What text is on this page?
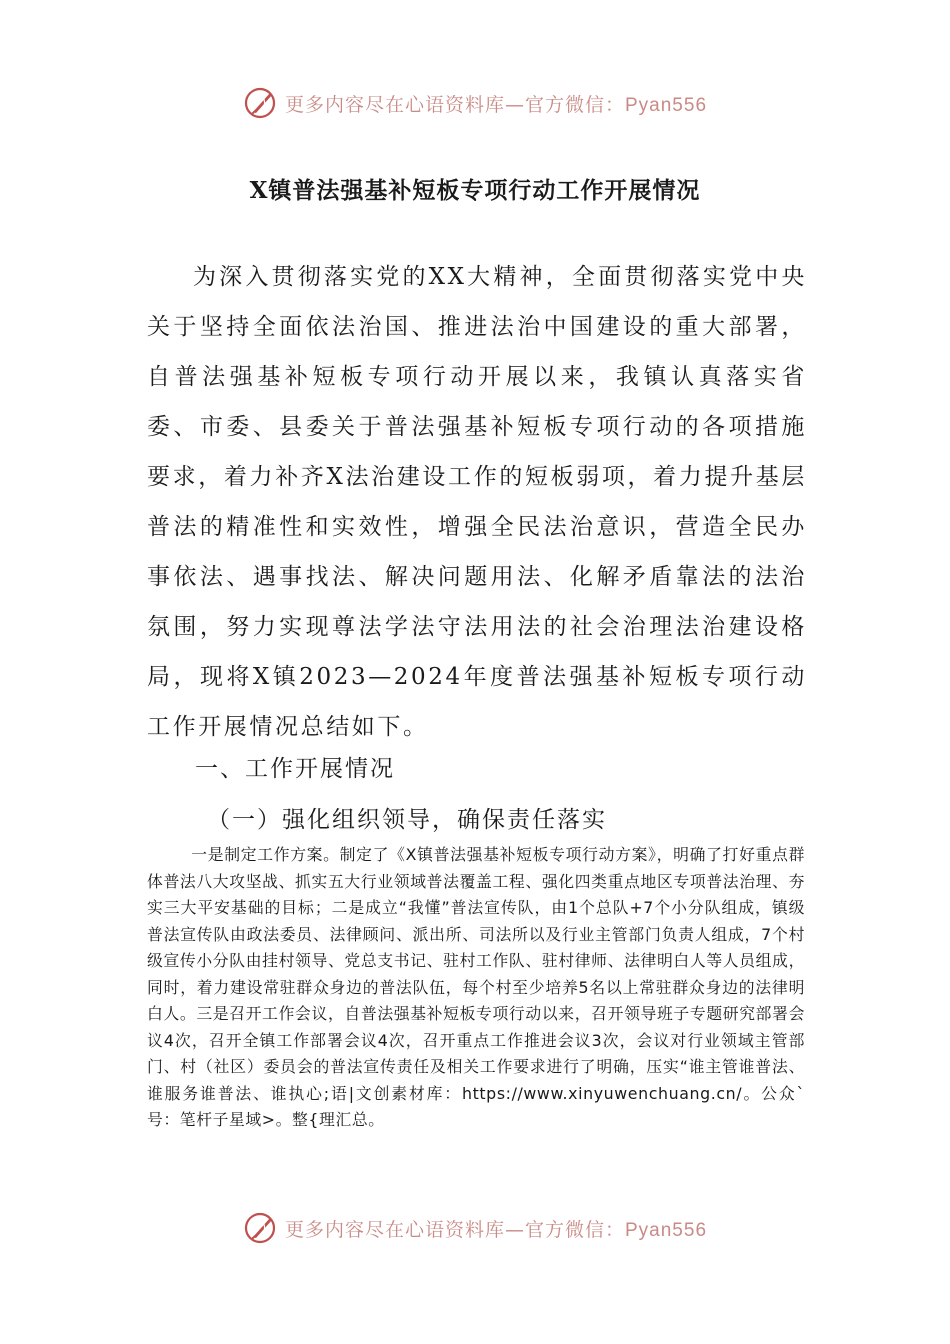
更多内容尽在心语资料库—官方微信：Pyan556
X镇普法强基补短板专项行动工作开展情况

为深入贯彻落实党的XX大精神，全面贯彻落实党中央关于坚持全面依法治国、推进法治中国建设的重大部署，自普法强基补短板专项行动开展以来，我镇认真落实省委、市委、县委关于普法强基补短板专项行动的各项措施要求，着力补齐X法治建设工作的短板弱项，着力提升基层普法的精准性和实效性，增强全民法治意识，营造全民办事依法、遇事找法、解决问题用法、化解矛盾靠法的法治氛围，努力实现尊法学法守法用法的社会治理法治建设格局，现将X镇2023—2024年度普法强基补短板专项行动工作开展情况总结如下。

一、工作开展情况
（一）强化组织领导，确保责任落实

一是制定工作方案。制定了《X镇普法强基补短板专项行动方案》，明确了打好重点群体普法八大攻坚战、抓实五大行业领域普法覆盖工程、强化四类重点地区专项普法治理、夯实三大平安基础的目标；二是成立“我懂”普法宣传队，由1个总队+7个小分队组成，镇级普法宣传队由政法委员、法律顾问、派出所、司法所以及行业主管部门负责人组成，7个村级宣传小分队由挂村领导、党总支书记、驻村工作队、驻村律师、法律明白人等人员组成，同时，着力建设常驻群众身边的普法队伍，每个村至少培养5名以上常驻群众身边的法律明白人。三是召开工作会议，自普法强基补短板专项行动以来，召开领导班子专题研究部署会议4次，召开全镇工作部署会议4次，召开重点工作推进会议3次，会议对行业领域主管部门、村（社区）委员会的普法宣传责任及相关工作要求进行了明确，压实“谁主管谁普法、谁服务谁普法、谁执心;语|文创素材库：https://www.xinyuwenchuang.cn/。公众`号：笔杆子星域>。整{理汇总。

更多内容尽在心语资料库—官方微信：Pyan556
